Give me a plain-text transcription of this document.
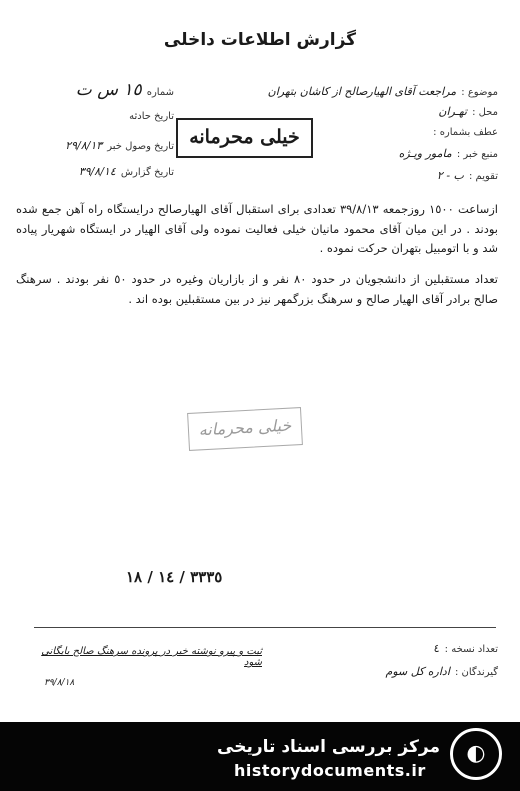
گزارش اطلاعات داخلی
موضوع : مراجعت آقای الهیارصالح از کاشان بتهران
محل : تهـران
عطف بشماره :
منبع خبر : مامور ویـژه
تقویم : ب - ٢
شماره ١٥ س ت
تاریخ حادثه
تاریخ وصول خبر ٢٩/٨/١٣
تاریخ گزارش ٣٩/٨/١٤
خیلی محرمانه
ازساعت ١٥٠٠ روزجمعه ٣٩/٨/١٣ تعدادی برای استقبال آقای الهیارصالح درایستگاه راه آهن جمع شده بودند . در این میان آقای محمود مانیان خیلی فعالیت نموده ولی آقای الهیار در ایستگاه شهریار پیاده شد و با اتومبیل بتهران حرکت نموده .
تعداد مستقبلین از دانشجویان در حدود ٨٠ نفر و از بازاریان وغیره در حدود ٥٠ نفر بودند . سرهنگ صالح برادر آقای الهیار صالح و سرهنگ بزرگمهر نیز در بین مستقبلین بوده اند .
خیلی محرمانه
٣٣٣٥ / ١٤ / ١٨
تعداد نسخه : ٤
گیرندگان : اداره کل سوم
ثبت و پیرو نوشته خبر در پرونده سرهنگ صالح بایگانی شود
٣٩/٨/١٨
◐
مرکز بررسی اسناد تاریخی
historydocuments.ir
